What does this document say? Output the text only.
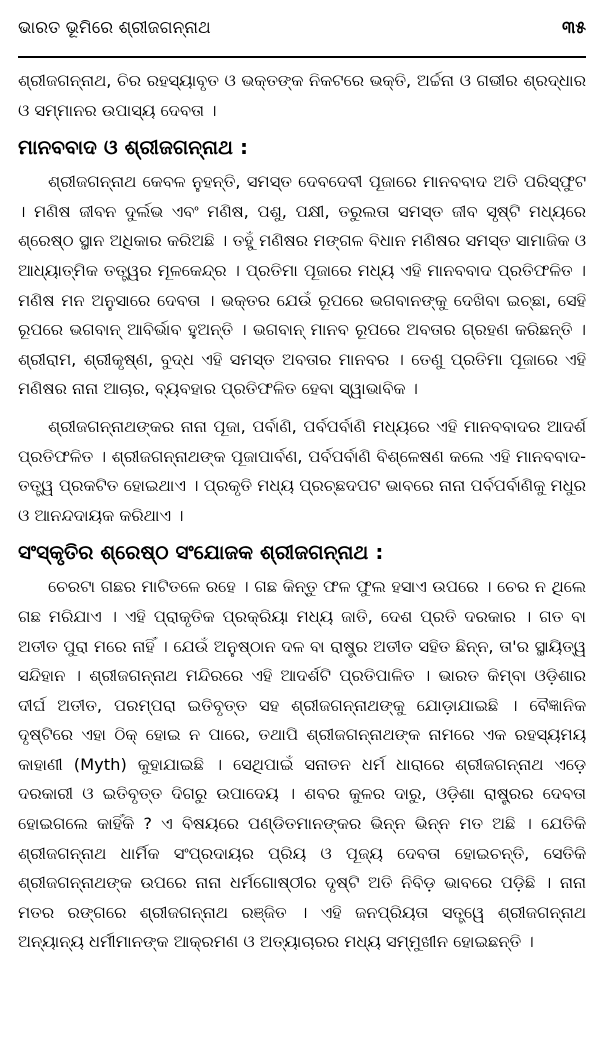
ଭାରତ ଭୂମିରେ ଶ୍ରୀଜଗନ୍ନାଥ	୩୫

ଶ୍ରୀଜଗନ୍ନାଥ, ଚିର ରହସ୍ୟାବୃତ ଓ ଭକ୍ତଙ୍କ ନିକଟରେ ଭକ୍ତି, ଅର୍ଚ୍ଚନା ଓ ଗଭୀର ଶ୍ରଦ୍ଧାର ଓ ସମ୍ମାନର ଉପାସ୍ୟ ଦେବତା ।

ମାନବବାଦ ଓ ଶ୍ରୀଜଗନ୍ନାଥ :

ଶ୍ରୀଜଗନ୍ନାଥ କେବଳ ନୁହନ୍ତି, ସମସ୍ତ ଦେବଦେବୀ ପୂଜାରେ ମାନବବାଦ ଅତି ପରିସ୍ଫୁଟ । ମଣିଷ ଜୀବନ ଦୁର୍ଲଭ ଏବଂ ମଣିଷ, ପଶୁ, ପକ୍ଷୀ, ତରୁଲତା ସମସ୍ତ ଜୀବ ସୃଷ୍ଟି ମଧ୍ୟରେ ଶ୍ରେଷ୍ଠ ସ୍ଥାନ ଅଧିକାର କରିଅଛି । ତହୁଁ ମଣିଷର ମଙ୍ଗଳ ବିଧାନ ମଣିଷର ସମସ୍ତ ସାମାଜିକ ଓ ଆଧ୍ୟାତ୍ମିକ ତତ୍ତ୍ୱର ମୂଳକେନ୍ଦ୍ର । ପ୍ରତିମା ପୂଜାରେ ମଧ୍ୟ ଏହି ମାନବବାଦ ପ୍ରତିଫଳିତ । ମଣିଷ ମନ ଅନୁସାରେ ଦେବତା । ଭକ୍ତର ଯେଉଁ ରୂପରେ ଭଗବାନଙ୍କୁ ଦେଖିବା ଇଚ୍ଛା, ସେହି ରୂପରେ ଭଗବାନ୍ ଆବିର୍ଭାବ ହୁଅନ୍ତି । ଭଗବାନ୍ ମାନବ ରୂପରେ ଅବତାର ଗ୍ରହଣ କରିଛନ୍ତି । ଶ୍ରୀରାମ, ଶ୍ରୀକୃଷ୍ଣ, ବୁଦ୍ଧ ଏହି ସମସ୍ତ ଅବତାର ମାନବର । ତେଣୁ ପ୍ରତିମା ପୂଜାରେ ଏହି ମଣିଷର ନାନା ଆଚାର, ବ୍ୟବହାର ପ୍ରତିଫଳିତ ହେବା ସ୍ୱାଭାବିକ ।

ଶ୍ରୀଜଗନ୍ନାଥଙ୍କର ନାନା ପୂଜା, ପର୍ବାଣି, ପର୍ବପର୍ବାଣି ମଧ୍ୟରେ ଏହି ମାନବବାଦର ଆଦର୍ଶ ପ୍ରତିଫଳିତ । ଶ୍ରୀଜଗନ୍ନାଥଙ୍କ ପୂଜାପାର୍ବଣ, ପର୍ବପର୍ବାଣି ବିଶ୍ଳେଷଣ କଲେ ଏହି ମାନବବାଦ-ତତ୍ତ୍ୱ ପ୍ରକଟିତ ହୋଇଥାଏ । ପ୍ରକୃତି ମଧ୍ୟ ପ୍ରଚ୍ଛଦପଟ ଭାବରେ ନାନା ପର୍ବପର୍ବାଣିକୁ ମଧୁର ଓ ଆନନ୍ଦଦାୟକ କରିଥାଏ ।

ସଂସ୍କୃତିର ଶ୍ରେଷ୍ଠ ସଂଯୋଜକ ଶ୍ରୀଜଗନ୍ନାଥ :

ଚେରଟା ଗଛର ମାଟିତଳେ ରହେ । ଗଛ କିନ୍ତୁ ଫଳ ଫୁଲ ହସାଏ ଉପରେ । ଚେର ନ ଥିଲେ ଗଛ ମରିଯାଏ । ଏହି ପ୍ରାକୃତିକ ପ୍ରକ୍ରିୟା ମଧ୍ୟ ଜାତି, ଦେଶ ପ୍ରତି ଦରକାର । ଗତ ବା ଅତୀତ ପୁରା ମରେ ନାହିଁ । ଯେଉଁ ଅନୁଷ୍ଠାନ ଦଳ ବା ରାଷ୍ଟ୍ର ଅତୀତ ସହିତ ଛିନ୍ନ, ତା'ର ସ୍ଥାୟିତ୍ୱ ସନ୍ଦିହାନ । ଶ୍ରୀଜଗନ୍ନାଥ ମନ୍ଦିରରେ ଏହି ଆଦର୍ଶଟି ପ୍ରତିପାଳିତ । ଭାରତ କିମ୍ବା ଓଡ଼ିଶାର ଦୀର୍ଘ ଅତୀତ, ପରମ୍ପରା ଇତିବୃତ୍ତ ସହ ଶ୍ରୀଜଗନ୍ନାଥଙ୍କୁ ଯୋଡ଼ାଯାଇଛି । ବୈଜ୍ଞାନିକ ଦୃଷ୍ଟିରେ ଏହା ଠିକ୍ ହୋଇ ନ ପାରେ, ତଥାପି ଶ୍ରୀଜଗନ୍ନାଥଙ୍କ ନାମରେ ଏକ ରହସ୍ୟମୟ କାହାଣୀ (Myth) କୁହାଯାଇଛି । ସେଥିପାଇଁ ସନାତନ ଧର୍ମ ଧାରାରେ ଶ୍ରୀଜଗନ୍ନାଥ ଏଡ଼େ ଦରକାରୀ ଓ ଇତିବୃତ୍ତ ଦିଗରୁ ଉପାଦେୟ । ଶବର କୁଳର ଦାରୁ, ଓଡ଼ିଶା ରାଷ୍ଟ୍ରର ଦେବତା ହୋଇଗଲେ କାହିଁକି ? ଏ ବିଷୟରେ ପଣ୍ଡିତମାନଙ୍କର ଭିନ୍ନ ଭିନ୍ନ ମତ ଅଛି । ଯେତିକି ଶ୍ରୀଜଗନ୍ନାଥ ଧାର୍ମିକ ସଂପ୍ରଦାୟର ପ୍ରିୟ ଓ ପୂଜ୍ୟ ଦେବତା ହୋଇଚନ୍ତି, ସେତିକି ଶ୍ରୀଜଗନ୍ନାଥଙ୍କ ଉପରେ ନାନା ଧର୍ମଗୋଷ୍ଠୀର ଦୃଷ୍ଟି ଅତି ନିବିଡ଼ ଭାବରେ ପଡ଼ିଛି । ନାନା ମତର ରଙ୍ଗରେ ଶ୍ରୀଜଗନ୍ନାଥ ରଞ୍ଜିତ । ଏହି ଜନପ୍ରିୟତା ସତ୍ତ୍ୱେ ଶ୍ରୀଜଗନ୍ନାଥ ଅନ୍ୟାନ୍ୟ ଧର୍ମୀମାନଙ୍କ ଆକ୍ରମଣ ଓ ଅତ୍ୟାଚାରର ମଧ୍ୟ ସମ୍ମୁଖୀନ ହୋଇଛନ୍ତି ।
